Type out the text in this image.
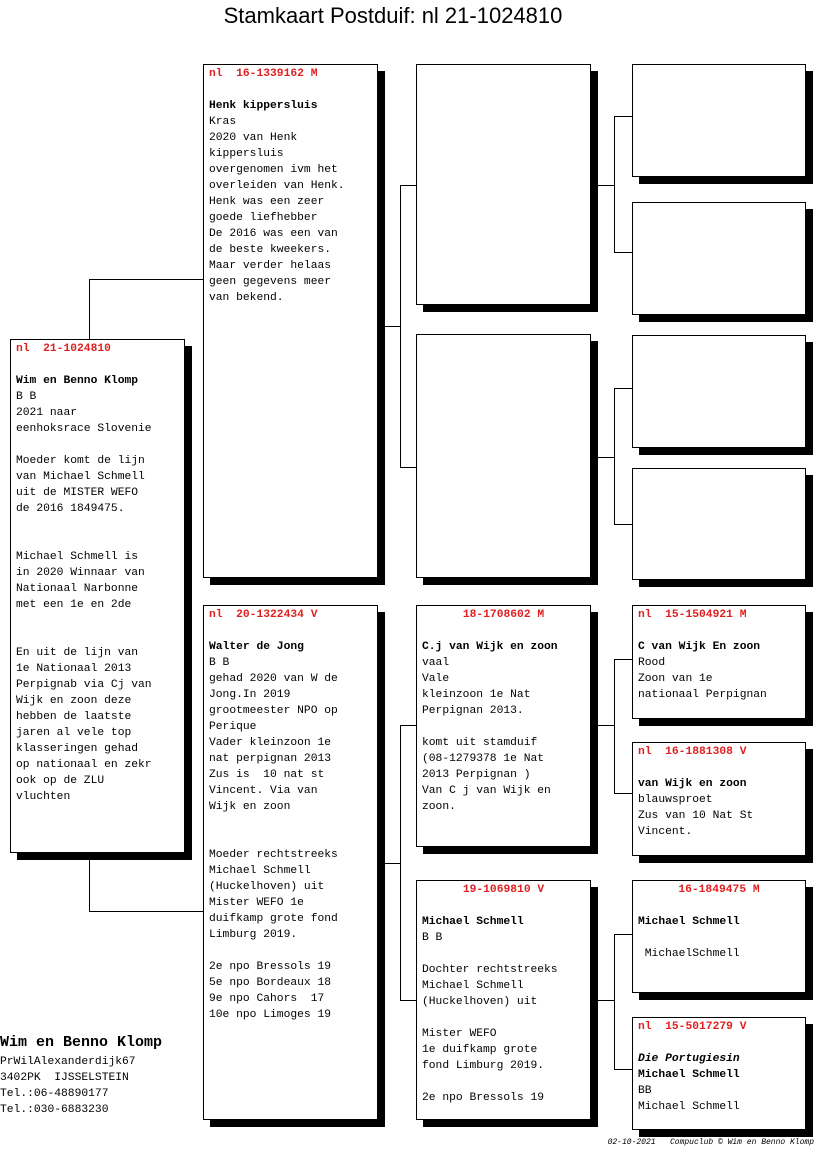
Stamkaart Postduif: nl 21-1024810
nl  21-1024810
Wim en Benno Klomp
B B
2021 naar
eenhoksrace Slovenie

Moeder komt de lijn
van Michael Schmell
uit de MISTER WEFO
de 2016 1849475.

Michael Schmell is
in 2020 Winnaar van
Nationaal Narbonne
met een 1e en 2de

En uit de lijn van
1e Nationaal 2013
Perpignab via Cj van
Wijk en zoon deze
hebben de laatste
jaren al vele top
klasseringen gehad
op nationaal en zekr
ook op de ZLU
vluchten
nl  16-1339162 M
Henk kippersluis
Kras
2020 van Henk
kippersluis
overgenomen ivm het
overleiden van Henk.
Henk was een zeer
goede liefhebber
De 2016 was een van
de beste kweekers.
Maar verder helaas
geen gegevens meer
van bekend.
nl  20-1322434 V
Walter de Jong
B B
gehad 2020 van W de
Jong.In 2019
grootmeester NPO op
Perique
Vader kleinzoon 1e
nat perpignan 2013
Zus is  10 nat st
Vincent. Via van
Wijk en zoon

Moeder rechtstreeks
Michael Schmell
(Huckelhoven) uit
Mister WEFO 1e
duifkamp grote fond
Limburg 2019.

2e npo Bressols 19
5e npo Bordeaux 18
9e npo Cahors  17
10e npo Limoges 19
18-1708602 M
C.j van Wijk en zoon
vaal
Vale
kleinzoon 1e Nat
Perpignan 2013.

komt uit stamduif
(08-1279378 1e Nat
2013 Perpignan )
Van C j van Wijk en
zoon.
19-1069810 V
Michael Schmell
B B

Dochter rechtstreeks
Michael Schmell
(Huckelhoven) uit

Mister WEFO
1e duifkamp grote
fond Limburg 2019.

2e npo Bressols 19
nl  15-1504921 M
C van Wijk En zoon
Rood
Zoon van 1e
nationaal Perpignan
nl  16-1881308 V
van Wijk en zoon
blauwsproet
Zus van 10 Nat St
Vincent.
16-1849475 M
Michael Schmell

MichaelSchmell
nl  15-5017279 V
Die Portugiesin
Michael Schmell
BB
Michael Schmell
Wim en Benno Klomp
PrWilAlexanderdijk67
3402PK  IJSSELSTEIN
Tel.:06-48890177
Tel.:030-6883230
02-10-2021   Compuclub © Wim en Benno Klomp
